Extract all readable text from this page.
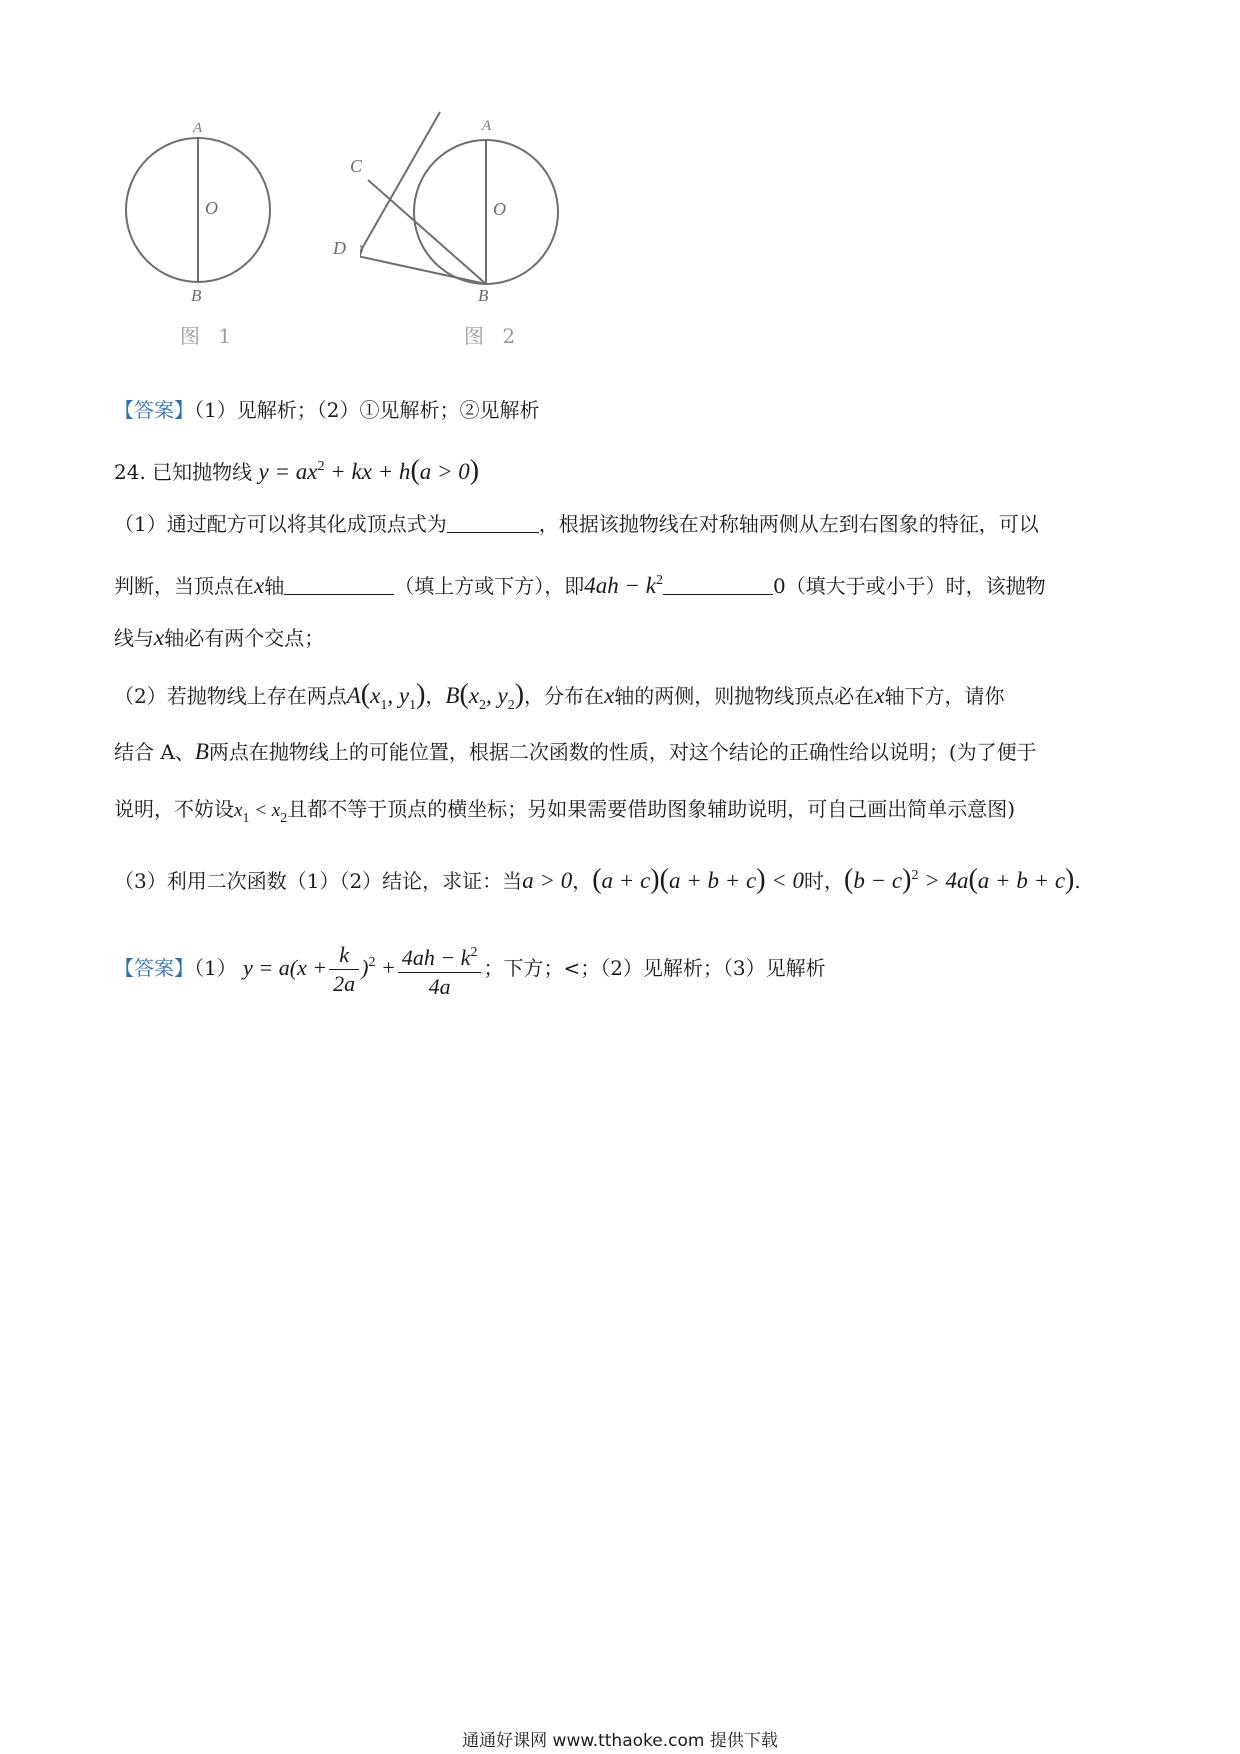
A
O
B
图 1
A
O
C
D
B
图 2
【答案】（1）见解析；（2）①见解析；②见解析
24. 已知抛物线 $y = ax^2$ + kx + h(a > 0)
（1）通过配方可以将其化成顶点式为	，根据该抛物线在对称轴两侧从左到右图象的特征，可以
判断，当顶点在x轴	（填上方或下方），即$4ah - k^2$	0（填大于或小于）时，该抛物
线与x轴必有两个交点；
（2）若抛物线上存在两点$A(x_1$, $y_1$)，$B(x_2$, $y_2$)，分布在x轴的两侧，则抛物线顶点必在x轴下方，请你
结合 A、B两点在抛物线上的可能位置，根据二次函数的性质，对这个结论的正确性给以说明；(为了便于
说明，不妨设$x_1 < x_2$且都不等于顶点的横坐标；另如果需要借助图象辅助说明，可自己画出简单示意图)
（3）利用二次函数（1）（2）结论，求证：当a > 0，(a + c)(a + b + c) < 0时，$(b - c)^2 > 4a(a + b + c)$.
【答案】（1） $y = a(x + \frac{k}{2a} )^2 + \frac{4ah - k^2}{4a}$ ；下方；<；（2）见解析；（3）见解析
通通好课网 www.tthaoke.com 提供下载
